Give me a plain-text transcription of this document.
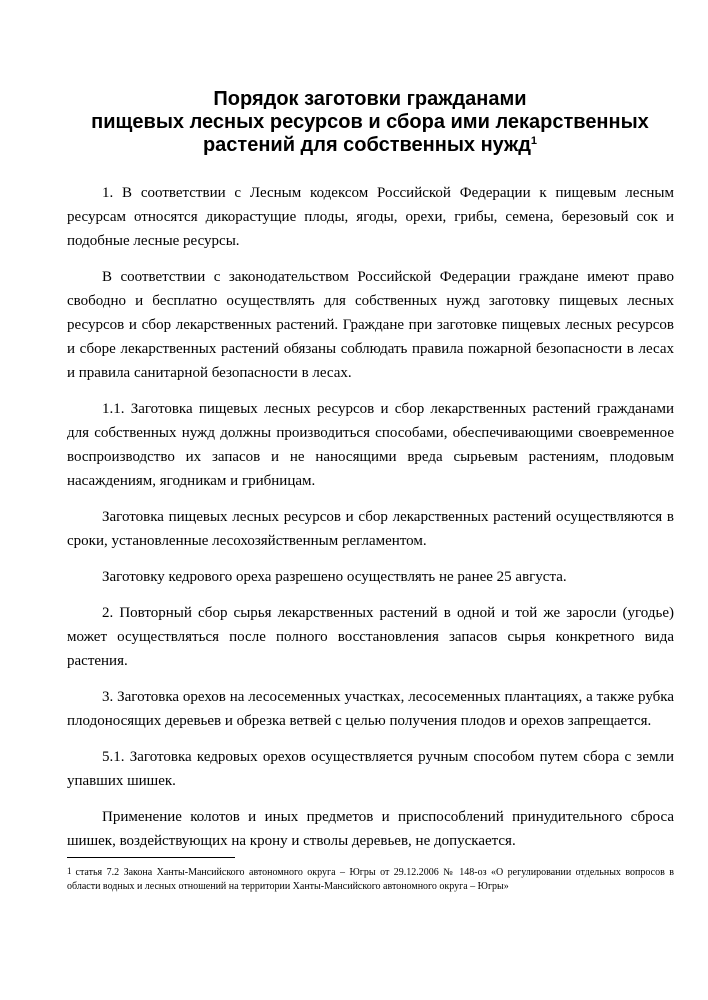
Порядок заготовки гражданами
пищевых лесных ресурсов и сбора ими лекарственных
растений для собственных нужд$^1$

1. В соответствии с Лесным кодексом Российской Федерации к пищевым лесным ресурсам относятся дикорастущие плоды, ягоды, орехи, грибы, семена, березовый сок и подобные лесные ресурсы.

В соответствии с законодательством Российской Федерации граждане имеют право свободно и бесплатно осуществлять для собственных нужд заготовку пищевых лесных ресурсов и сбор лекарственных растений. Граждане при заготовке пищевых лесных ресурсов и сборе лекарственных растений обязаны соблюдать правила пожарной безопасности в лесах и правила санитарной безопасности в лесах.

1.1. Заготовка пищевых лесных ресурсов и сбор лекарственных растений гражданами для собственных нужд должны производиться способами, обеспечивающими своевременное воспроизводство их запасов и не наносящими вреда сырьевым растениям, плодовым насаждениям, ягодникам и грибницам.

Заготовка пищевых лесных ресурсов и сбор лекарственных растений осуществляются в сроки, установленные лесохозяйственным регламентом.

Заготовку кедрового ореха разрешено осуществлять не ранее 25 августа.

2. Повторный сбор сырья лекарственных растений в одной и той же заросли (угодье) может осуществляться после полного восстановления запасов сырья конкретного вида растения.

3. Заготовка орехов на лесосеменных участках, лесосеменных плантациях, а также рубка плодоносящих деревьев и обрезка ветвей с целью получения плодов и орехов запрещается.

5.1. Заготовка кедровых орехов осуществляется ручным способом путем сбора с земли упавших шишек.

Применение колотов и иных предметов и приспособлений принудительного сброса шишек, воздействующих на крону и стволы деревьев, не допускается.

$^1$ статья 7.2 Закона Ханты-Мансийского автономного округа – Югры от 29.12.2006 № 148-оз «О регулировании отдельных вопросов в области водных и лесных отношений на территории Ханты-Мансийского автономного округа – Югры»
